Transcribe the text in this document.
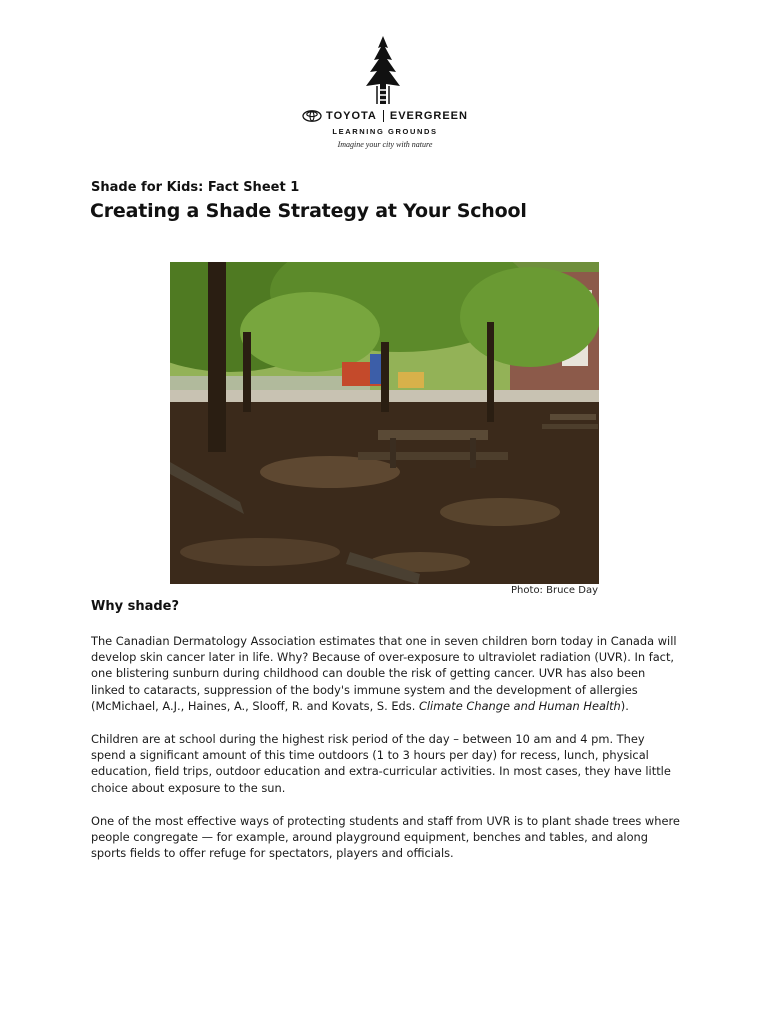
TOYOTA EVERGREEN
LEARNING GROUNDS
Imagine your city with nature
Shade for Kids: Fact Sheet 1
Creating a Shade Strategy at Your School
Photo: Bruce Day
Why shade?

The Canadian Dermatology Association estimates that one in seven children born today in Canada will
develop skin cancer later in life. Why? Because of over-exposure to ultraviolet radiation (UVR). In fact,
one blistering sunburn during childhood can double the risk of getting cancer. UVR has also been
linked to cataracts, suppression of the body's immune system and the development of allergies
(McMichael, A.J., Haines, A., Slooff, R. and Kovats, S. Eds. Climate Change and Human Health).

Children are at school during the highest risk period of the day – between 10 am and 4 pm. They
spend a significant amount of this time outdoors (1 to 3 hours per day) for recess, lunch, physical
education, field trips, outdoor education and extra-curricular activities. In most cases, they have little
choice about exposure to the sun.

One of the most effective ways of protecting students and staff from UVR is to plant shade trees where
people congregate — for example, around playground equipment, benches and tables, and along
sports fields to offer refuge for spectators, players and officials.
